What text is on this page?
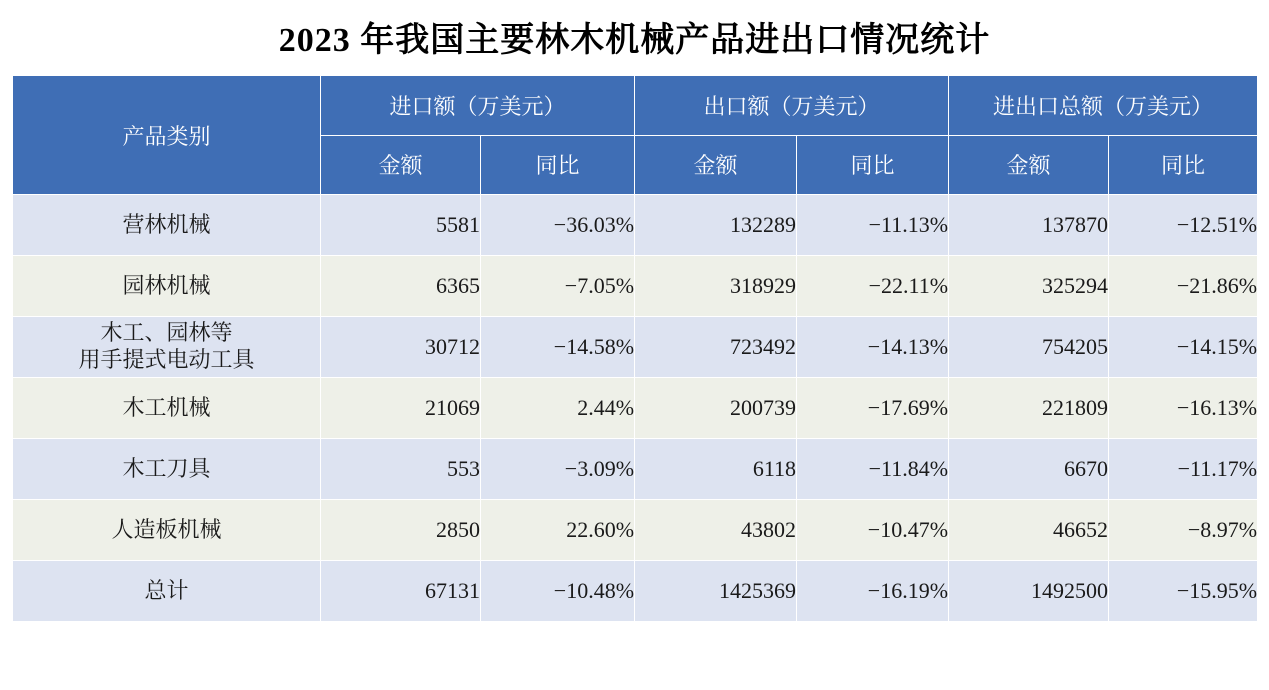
2023 年我国主要林木机械产品进出口情况统计
产品类别	进口额（万美元）		出口额（万美元）		进出口总额（万美元）	
	金额	同比	金额	同比	金额	同比

营林机械	5581	−36.03%	132289	−11.13%	137870	−12.51%

园林机械	6365	−7.05%	318929	−22.11%	325294	−21.86%

木工、园林等
用手提式电动工具	30712	−14.58%	723492	−14.13%	754205	−14.15%

木工机械	21069	2.44%	200739	−17.69%	221809	−16.13%

木工刀具	553	−3.09%	6118	−11.84%	6670	−11.17%

人造板机械	2850	22.60%	43802	−10.47%	46652	−8.97%

总计	67131	−10.48%	1425369	−16.19%	1492500	−15.95%
